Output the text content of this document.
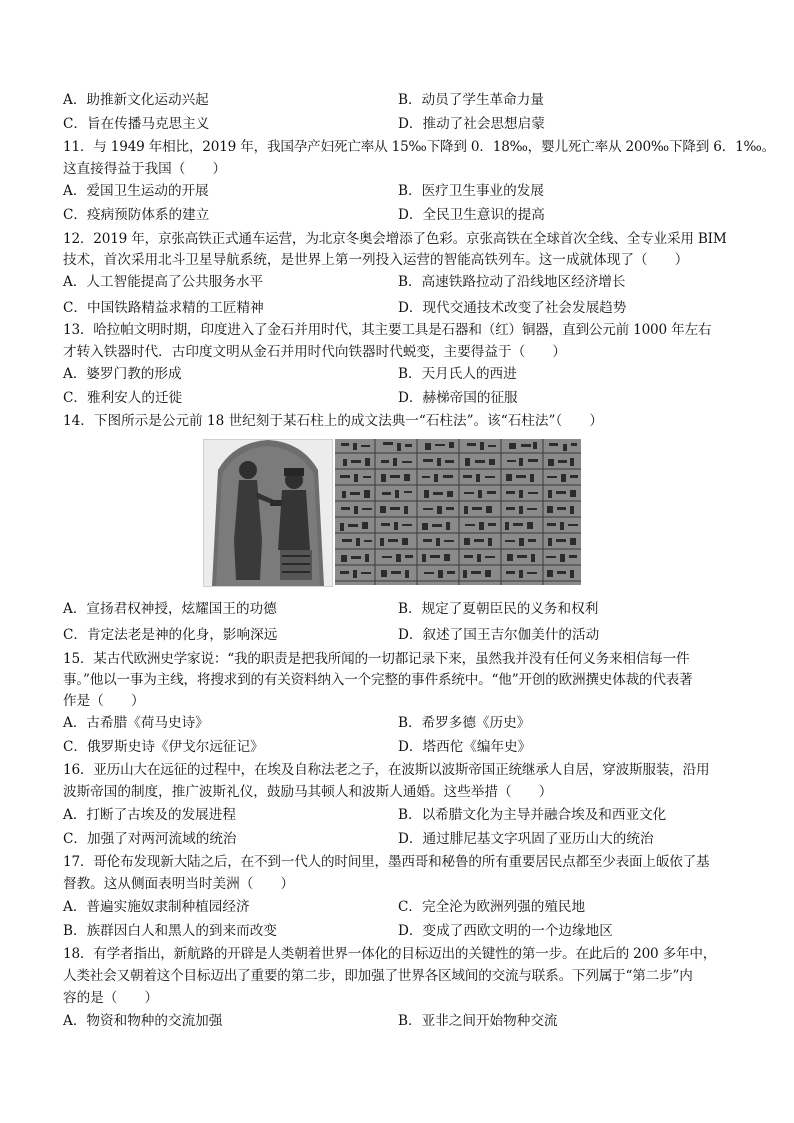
A．助推新文化运动兴起	B．动员了学生革命力量
C．旨在传播马克思主义	D．推动了社会思想启蒙
11．与 1949 年相比，2019 年，我国孕产妇死亡率从 15‰下降到 0．18‰，婴儿死亡率从 200‰下降到 6．1‰。
这直接得益于我国（　　）
A．爱国卫生运动的开展	B．医疗卫生事业的发展
C．疫病预防体系的建立	D．全民卫生意识的提高
12．2019 年，京张高铁正式通车运营，为北京冬奥会增添了色彩。京张高铁在全球首次全线、全专业采用 BIM
技术，首次采用北斗卫星导航系统，是世界上第一列投入运营的智能高铁列车。这一成就体现了（　　）
A．人工智能提高了公共服务水平	B．高速铁路拉动了沿线地区经济增长
C．中国铁路精益求精的工匠精神	D．现代交通技术改变了社会发展趋势
13．哈拉帕文明时期，印度进入了金石并用时代，其主要工具是石器和（红）铜器，直到公元前 1000 年左右
才转入铁器时代．古印度文明从金石并用时代向铁器时代蜕变，主要得益于（　　）
A．婆罗门教的形成	B．天月氏人的西进
C．雅利安人的迁徙	D．赫梯帝国的征服
14．下图所示是公元前 18 世纪刻于某石柱上的成文法典一“石柱法”。该“石柱法”（　　）
A．宣扬君权神授，炫耀国王的功德	B．规定了夏朝臣民的义务和权利
C．肯定法老是神的化身，影响深远	D．叙述了国王吉尔伽美什的活动
15．某古代欧洲史学家说：“我的职责是把我所闻的一切都记录下来，虽然我并没有任何义务来相信每一件
事。”他以一事为主线，将搜求到的有关资料纳入一个完整的事件系统中。“他”开创的欧洲撰史体裁的代表著
作是（　　）
A．古希腊《荷马史诗》	B．希罗多德《历史》
C．俄罗斯史诗《伊戈尔远征记》	D．塔西佗《编年史》
16．亚历山大在远征的过程中，在埃及自称法老之子，在波斯以波斯帝国正统继承人自居，穿波斯服装，沿用
波斯帝国的制度，推广波斯礼仪，鼓励马其顿人和波斯人通婚。这些举措（　　）
A．打断了古埃及的发展进程	B．以希腊文化为主导并融合埃及和西亚文化
C．加强了对两河流域的统治	D．通过腓尼基文字巩固了亚历山大的统治
17．哥伦布发现新大陆之后，在不到一代人的时间里，墨西哥和秘鲁的所有重要居民点都至少表面上皈依了基
督教。这从侧面表明当时美洲（　　）
A．普遍实施奴隶制种植园经济	C．完全沦为欧洲列强的殖民地
B．族群因白人和黑人的到来而改变	D．变成了西欧文明的一个边缘地区
18．有学者指出，新航路的开辟是人类朝着世界一体化的目标迈出的关键性的第一步。在此后的 200 多年中，
人类社会又朝着这个目标迈出了重要的第二步，即加强了世界各区域间的交流与联系。下列属于“第二步”内
容的是（　　）
A．物资和物种的交流加强	B．亚非之间开始物种交流
